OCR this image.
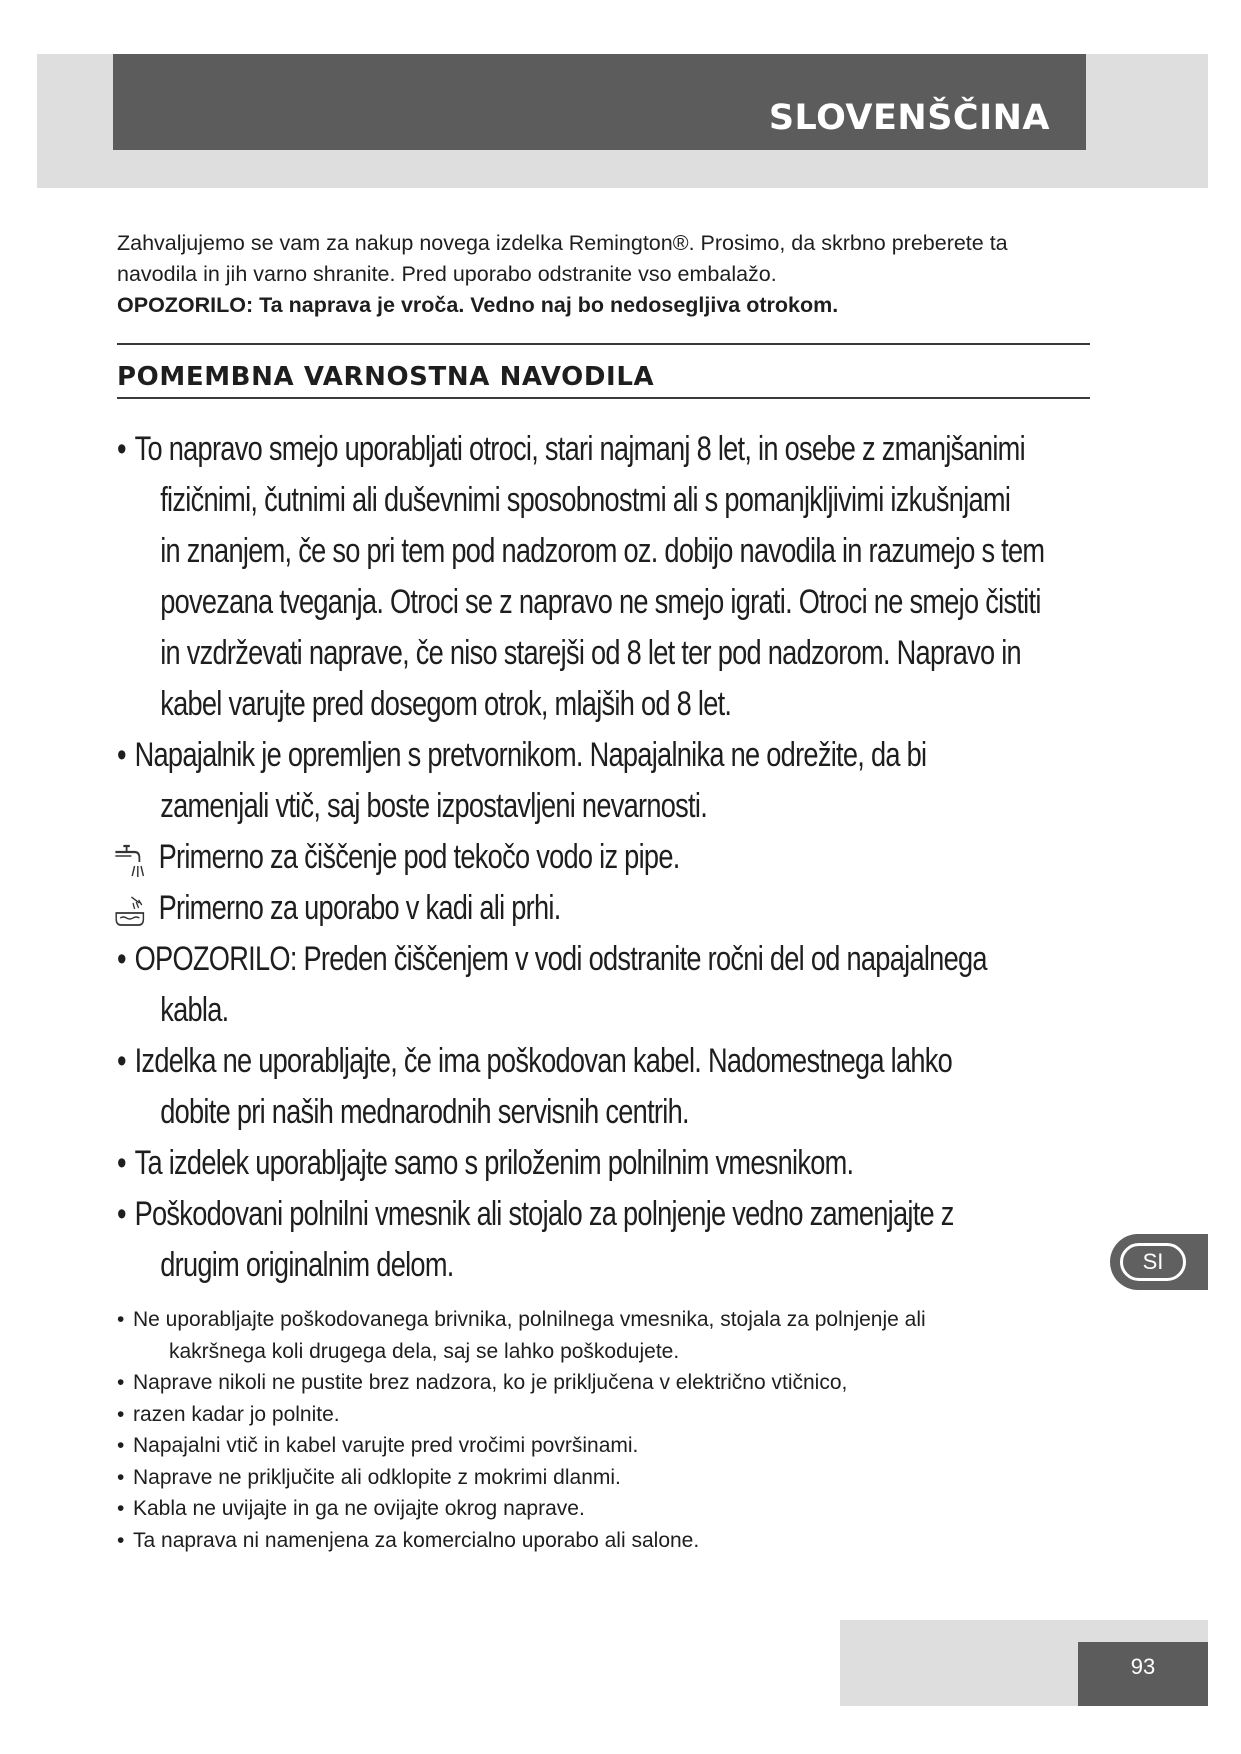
SLOVENŠČINA

Zahvaljujemo se vam za nakup novega izdelka Remington®. Prosimo, da skrbno preberete ta

navodila in jih varno shranite. Pred uporabo odstranite vso embalažo.

OPOZORILO: Ta naprava je vroča. Vedno naj bo nedosegljiva otrokom.

POMEMBNA VARNOSTNA NAVODILA
• To napravo smejo uporabljati otroci, stari najmanj 8 let, in osebe z zmanjšanimi
fizičnimi, čutnimi ali duševnimi sposobnostmi ali s pomanjkljivimi izkušnjami
in znanjem, če so pri tem pod nadzorom oz. dobijo navodila in razumejo s tem
povezana tveganja. Otroci se z napravo ne smejo igrati. Otroci ne smejo čistiti
in vzdrževati naprave, če niso starejši od 8 let ter pod nadzorom. Napravo in
kabel varujte pred dosegom otrok, mlajših od 8 let.
• Napajalnik je opremljen s pretvornikom. Napajalnika ne odrežite, da bi
zamenjali vtič, saj boste izpostavljeni nevarnosti.
Primerno za čiščenje pod tekočo vodo iz pipe.
Primerno za uporabo v kadi ali prhi.
• OPOZORILO: Preden čiščenjem v vodi odstranite ročni del od napajalnega
kabla.
• Izdelka ne uporabljajte, če ima poškodovan kabel. Nadomestnega lahko
dobite pri naših mednarodnih servisnih centrih.
• Ta izdelek uporabljajte samo s priloženim polnilnim vmesnikom.
• Poškodovani polnilni vmesnik ali stojalo za polnjenje vedno zamenjajte z
drugim originalnim delom.
• Ne uporabljajte poškodovanega brivnika, polnilnega vmesnika, stojala za polnjenje ali
kakršnega koli drugega dela, saj se lahko poškodujete.
• Naprave nikoli ne pustite brez nadzora, ko je priključena v električno vtičnico,
• razen kadar jo polnite.
• Napajalni vtič in kabel varujte pred vročimi površinami.
• Naprave ne priključite ali odklopite z mokrimi dlanmi.
• Kabla ne uvijajte in ga ne ovijajte okrog naprave.
• Ta naprava ni namenjena za komercialno uporabo ali salone.
SI
93
